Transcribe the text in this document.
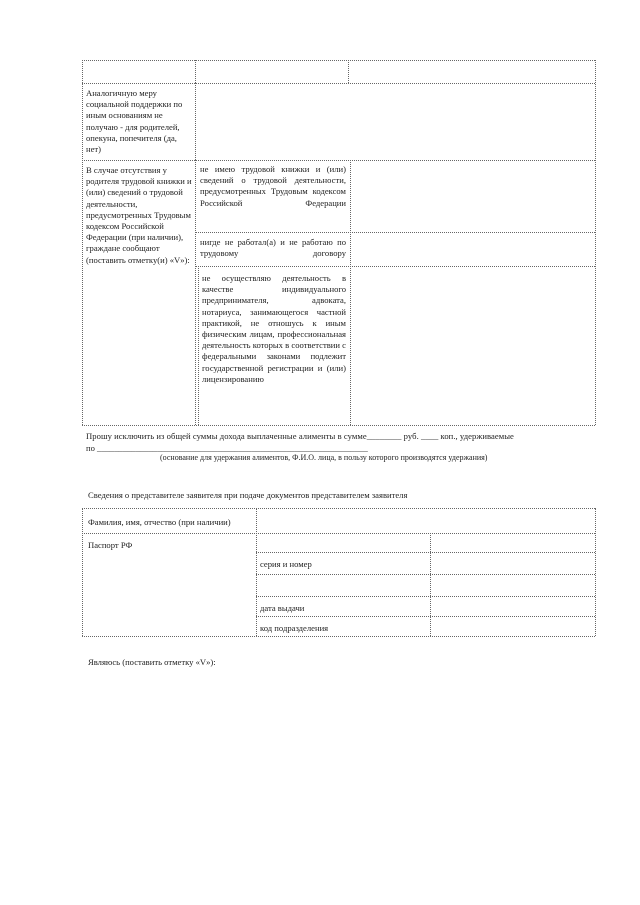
Аналогичную меру социальной поддержки по иным основаниям не получаю - для родителей, опекуна, попечителя (да, нет)
В случае отсутствия у родителя трудовой книжки и (или) сведений о трудовой деятельности, предусмотренных Трудовым кодексом Российской Федерации (при наличии), граждане сообщают (поставить отметку(и) «V»):
не имею трудовой книжки и (или) сведений о трудовой деятельности, предусмотренных Трудовым кодексом Российской Федерации
нигде не работал(а) и не работаю по трудовому договору
не осуществляю деятельность в качестве индивидуального предпринимателя, адвоката, нотариуса, занимающегося частной практикой, не отношусь к иным физическим лицам, профессиональная деятельность которых в соответствии с федеральными законами подлежит государственной регистрации и (или) лицензированию
Прошу исключить из общей суммы дохода выплаченные алименты в сумме________ руб. ____ коп., удерживаемые
по _______________________________________________________________
(основание для удержания алиментов, Ф.И.О. лица, в пользу которого производятся удержания)
Сведения о представителе заявителя при подаче документов представителем заявителя
Фамилия, имя, отчество (при наличии)
Паспорт РФ
серия и номер
дата выдачи
код подразделения
Являюсь (поставить отметку «V»):
